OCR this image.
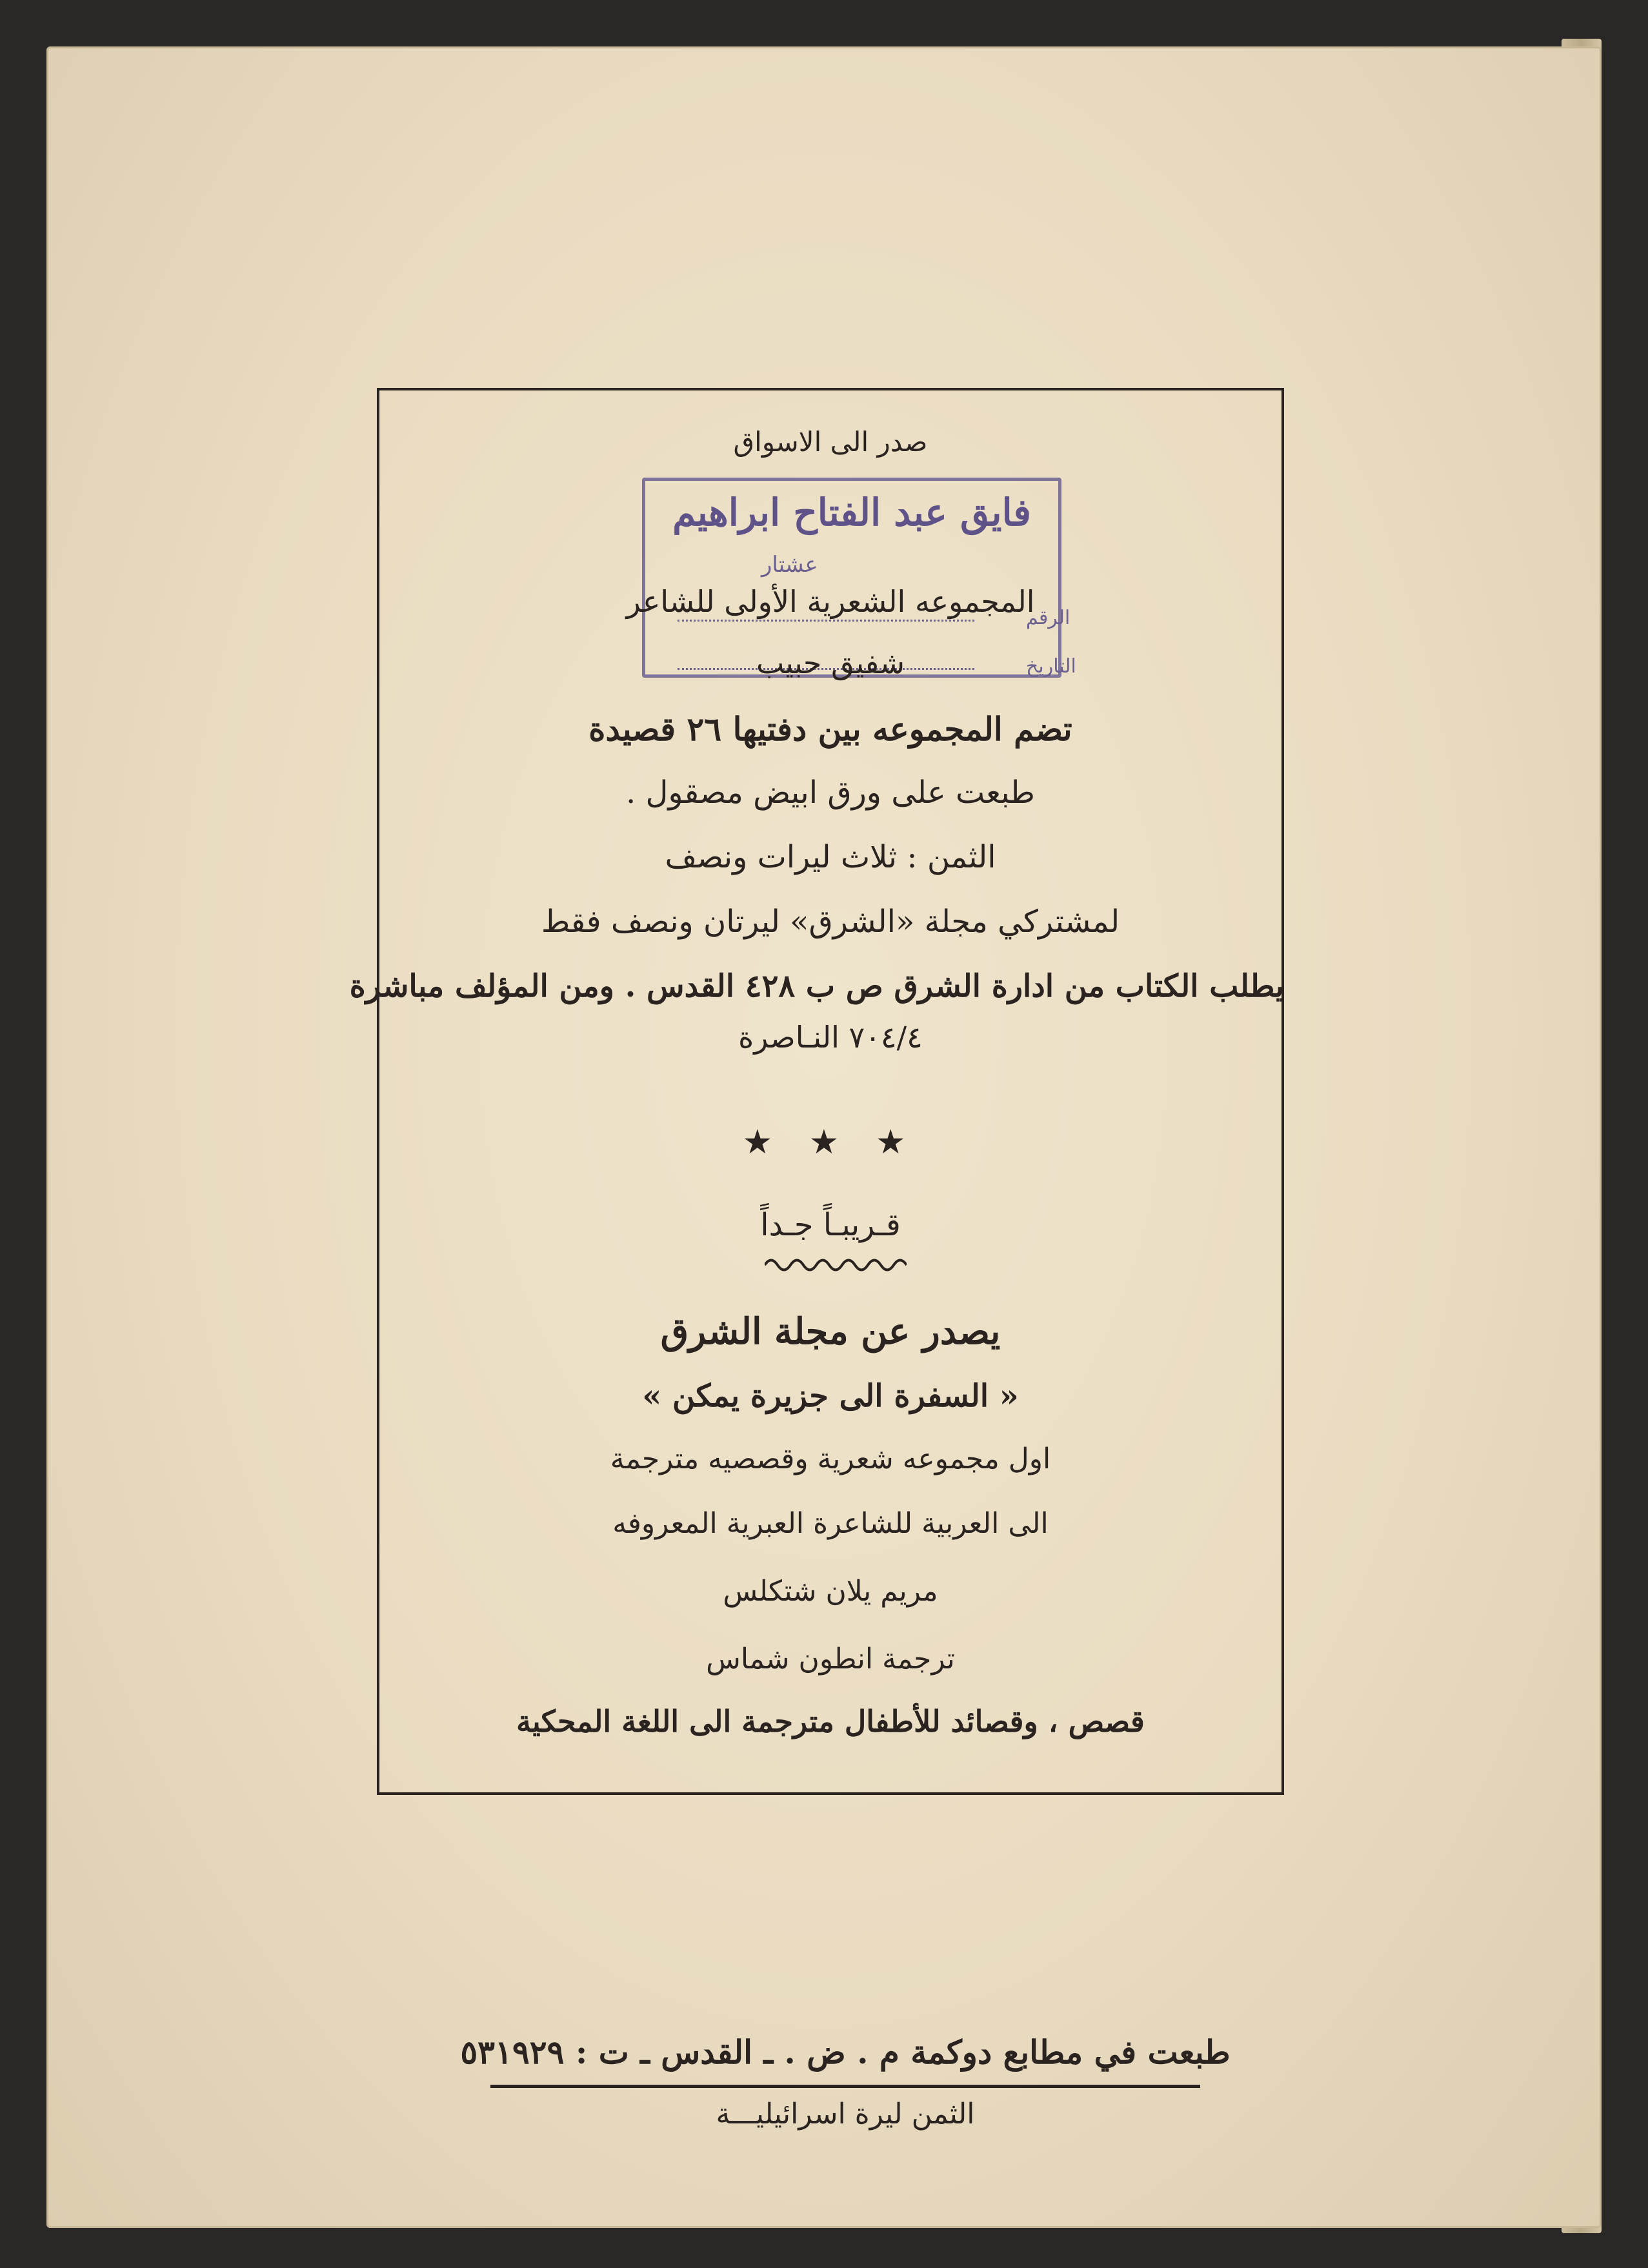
صدر الى الاسواق
فايق عبد الفتاح ابراهيم
عشتار
الرقم
التاريخ
المجموعه الشعرية الأولى للشاعر
شفيق حبيب
تضم المجموعه بين دفتيها ٢٦ قصيدة
طبعت على ورق ابيض مصقول .
الثمن : ثلاث ليرات ونصف
لمشتركي مجلة «الشرق» ليرتان ونصف فقط
يطلب الكتاب من ادارة الشرق ص ب ٤٢٨ القدس . ومن المؤلف مباشرة
٧٠٤/٤ النـاصرة
★ ★ ★
قـريبـاً جـداً
يصدر عن مجلة الشرق
« السفرة الى جزيرة يمكن »
اول مجموعه شعرية وقصصيه مترجمة
الى العربية للشاعرة العبرية المعروفه
مريم يلان شتكلس
ترجمة انطون شماس
قصص ، وقصائد للأطفال مترجمة الى اللغة المحكية
طبعت في مطابع دوكمة م . ض . ـ القدس ـ ت : ٥٣١٩٢٩
الثمن ليرة اسرائيليـــة
